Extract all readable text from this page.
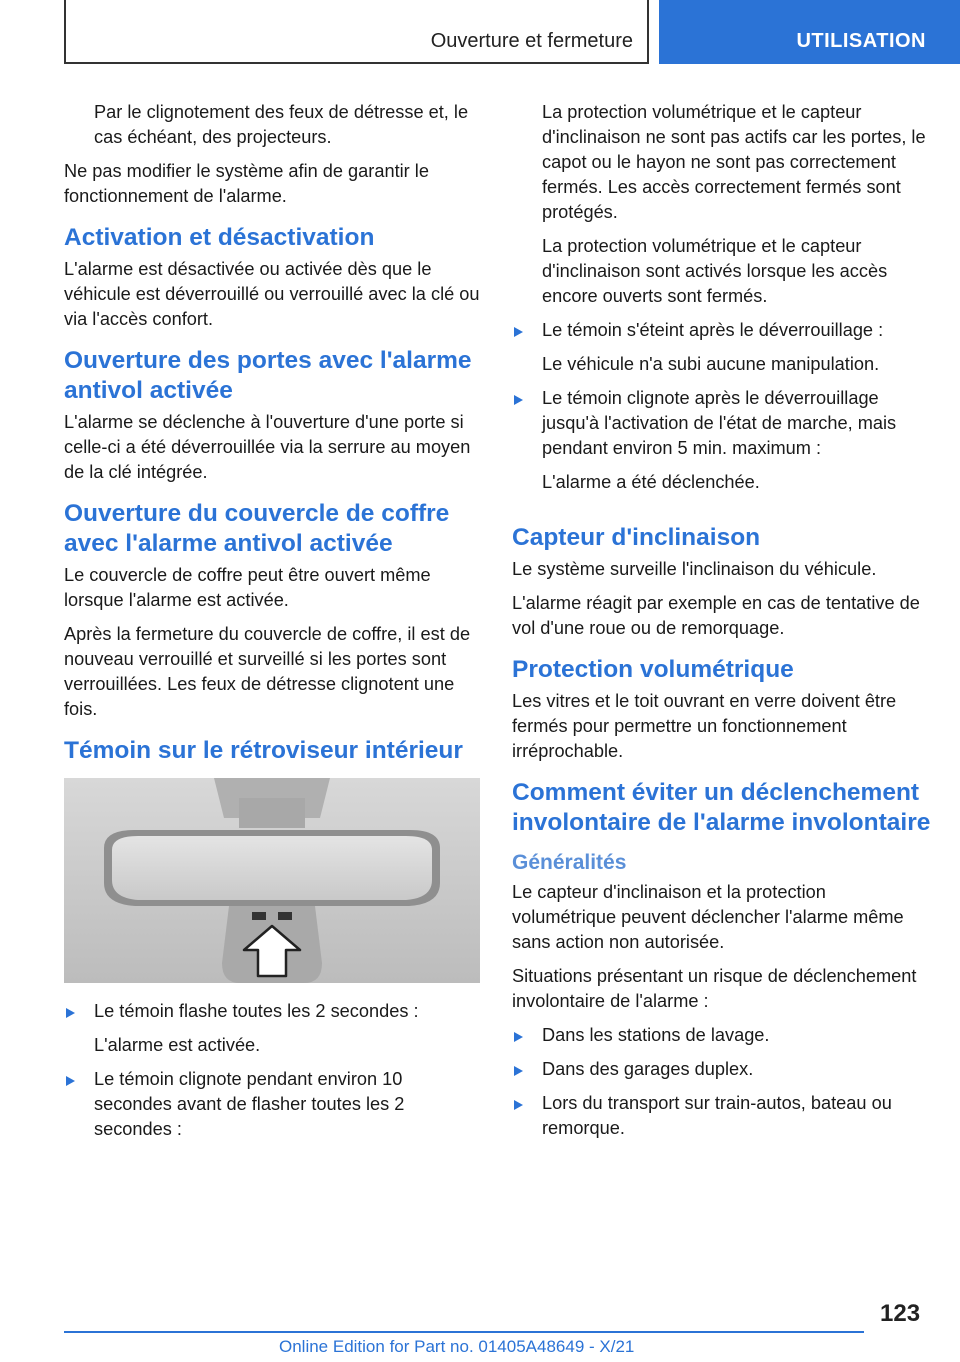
Ouverture et fermeture	UTILISATION

Par le clignotement des feux de détresse et, le cas échéant, des projecteurs.

Ne pas modifier le système afin de garantir le fonctionnement de l'alarme.

Activation et désactivation

L'alarme est désactivée ou activée dès que le véhicule est déverrouillé ou verrouillé avec la clé ou via l'accès confort.

Ouverture des portes avec l'alarme antivol activée

L'alarme se déclenche à l'ouverture d'une porte si celle-ci a été déverrouillée via la serrure au moyen de la clé intégrée.

Ouverture du couvercle de coffre avec l'alarme antivol activée

Le couvercle de coffre peut être ouvert même lorsque l'alarme est activée.

Après la fermeture du couvercle de coffre, il est de nouveau verrouillé et surveillé si les portes sont verrouillées. Les feux de détresse clignotent une fois.

Témoin sur le rétroviseur intérieur
Le témoin flashe toutes les 2 secondes :
L'alarme est activée.
Le témoin clignote pendant environ 10 secondes avant de flasher toutes les 2 secondes :

La protection volumétrique et le capteur d'inclinaison ne sont pas actifs car les portes, le capot ou le hayon ne sont pas correctement fermés. Les accès correctement fermés sont protégés.

La protection volumétrique et le capteur d'inclinaison sont activés lorsque les accès encore ouverts sont fermés.

Le témoin s'éteint après le déverrouillage :
Le véhicule n'a subi aucune manipulation.
Le témoin clignote après le déverrouillage jusqu'à l'activation de l'état de marche, mais pendant environ 5 min. maximum :
L'alarme a été déclenchée.
Capteur d'inclinaison

Le système surveille l'inclinaison du véhicule.

L'alarme réagit par exemple en cas de tentative de vol d'une roue ou de remorquage.

Protection volumétrique

Les vitres et le toit ouvrant en verre doivent être fermés pour permettre un fonctionnement irréprochable.

Comment éviter un déclenchement involontaire de l'alarme involontaire
Généralités

Le capteur d'inclinaison et la protection volumétrique peuvent déclencher l'alarme même sans action non autorisée.

Situations présentant un risque de déclenchement involontaire de l'alarme :

Dans les stations de lavage.
Dans des garages duplex.
Lors du transport sur train-autos, bateau ou remorque.
123
Online Edition for Part no. 01405A48649 - X/21
